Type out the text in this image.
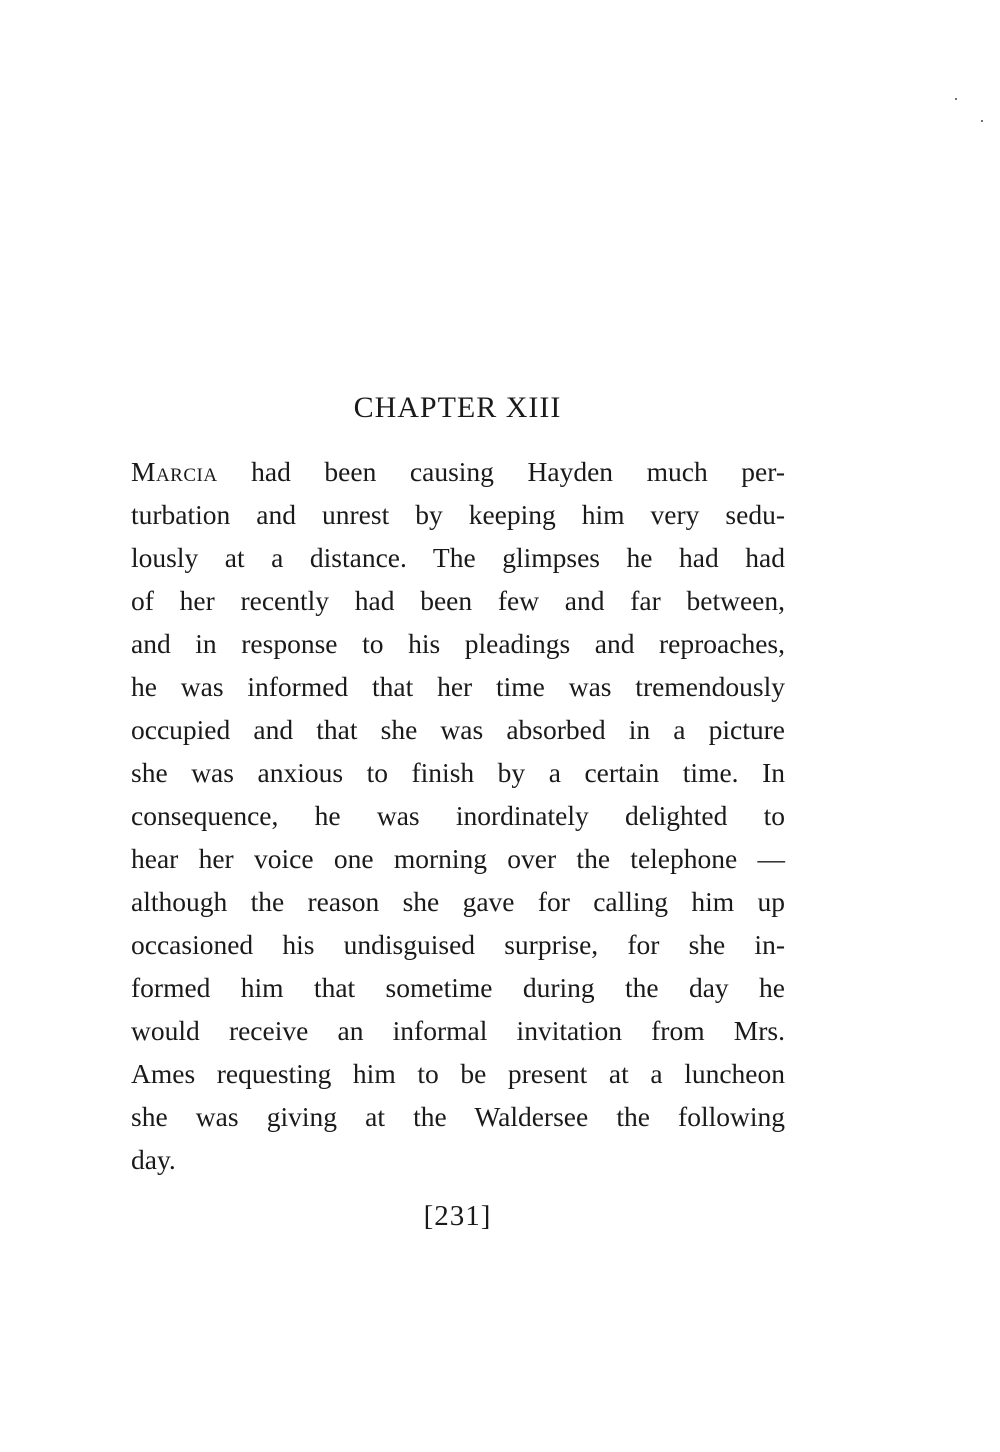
CHAPTER XIII
Marcia had been causing Hayden much per-
turbation and unrest by keeping him very sedu-
lously at a distance. The glimpses he had had
of her recently had been few and far between,
and in response to his pleadings and reproaches,
he was informed that her time was tremendously
occupied and that she was absorbed in a picture
she was anxious to finish by a certain time. In
consequence, he was inordinately delighted to
hear her voice one morning over the telephone —
although the reason she gave for calling him up
occasioned his undisguised surprise, for she in-
formed him that sometime during the day he
would receive an informal invitation from Mrs.
Ames requesting him to be present at a luncheon
she was giving at the Waldersee the following
day.
[231]
